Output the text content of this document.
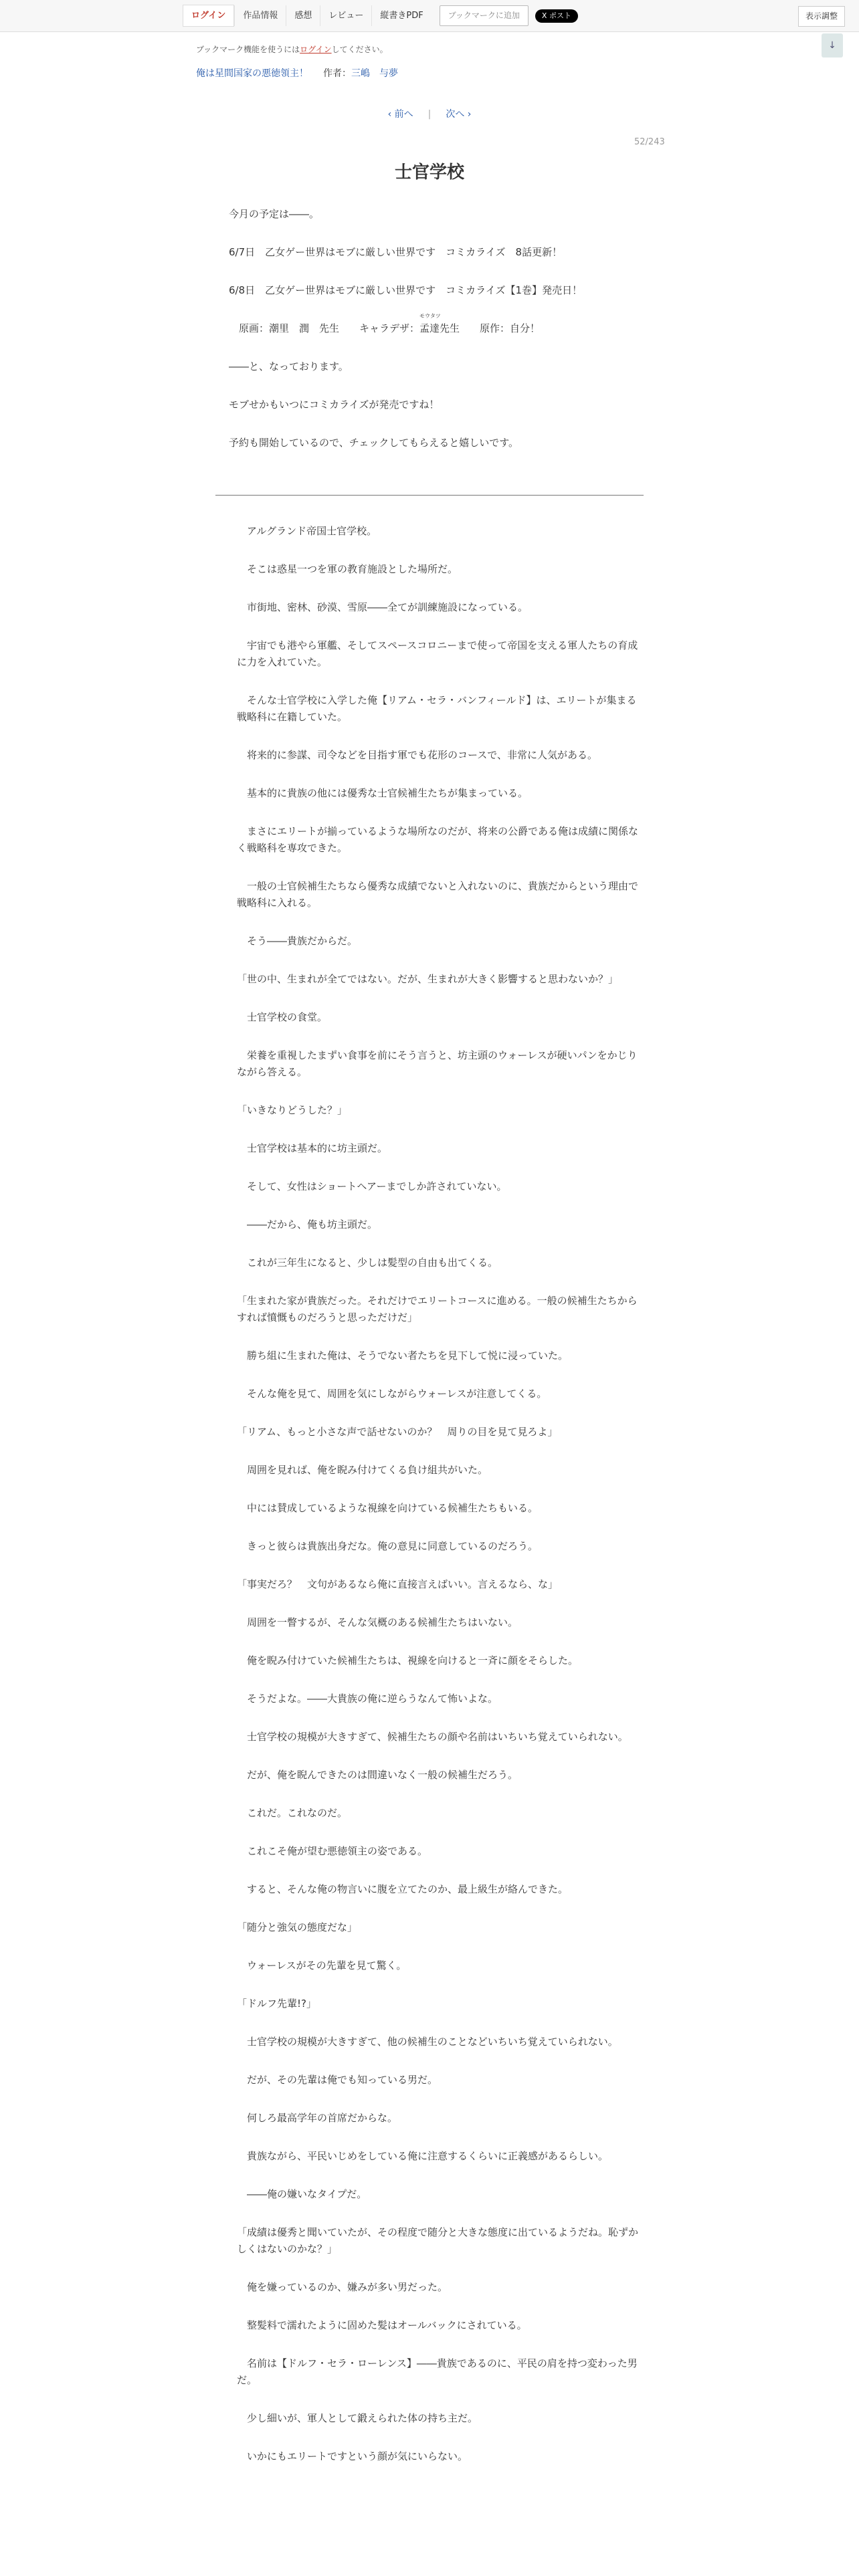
ログイン	作品情報	感想	レビュー	縦書きPDF	ブックマークに追加	X ポスト	表示調整
↓
ブックマーク機能を使うにはログインしてください。
俺は星間国家の悪徳領主！ 作者：三嶋　与夢
‹ 前へ | 次へ ›
52/243
士官学校

今月の予定は――。

6/7日　乙女ゲー世界はモブに厳しい世界です　コミカライズ　8話更新！

6/8日　乙女ゲー世界はモブに厳しい世界です　コミカライズ【1巻】発売日！

　原画：潮里　潤　先生　　キャラデザ：
モウタツ
孟達先生　　原作：自分！

――と、なっております。

モブせかもいつにコミカライズが発売ですね！

予約も開始しているので、チェックしてもらえると嬉しいです。

　アルグランド帝国士官学校。

　そこは惑星一つを軍の教育施設とした場所だ。

　市街地、密林、砂漠、雪原――全てが訓練施設になっている。

　宇宙でも港やら軍艦、そしてスペースコロニーまで使って帝国を支える軍人たちの育成に力を入れていた。

　そんな士官学校に入学した俺【リアム・セラ・バンフィールド】は、エリートが集まる戦略科に在籍していた。

　将来的に参謀、司令などを目指す軍でも花形のコースで、非常に人気がある。

　基本的に貴族の他には優秀な士官候補生たちが集まっている。

　まさにエリートが揃っているような場所なのだが、将来の公爵である俺は成績に関係なく戦略科を専攻できた。

　一般の士官候補生たちなら優秀な成績でないと入れないのに、貴族だからという理由で戦略科に入れる。

　そう――貴族だからだ。

「世の中、生まれが全てではない。だが、生まれが大きく影響すると思わないか？」

　士官学校の食堂。

　栄養を重視したまずい食事を前にそう言うと、坊主頭のウォーレスが硬いパンをかじりながら答える。

「いきなりどうした？」

　士官学校は基本的に坊主頭だ。

　そして、女性はショートヘアーまでしか許されていない。

　――だから、俺も坊主頭だ。

　これが三年生になると、少しは髪型の自由も出てくる。

「生まれた家が貴族だった。それだけでエリートコースに進める。一般の候補生たちからすれば憤慨ものだろうと思っただけだ」

　勝ち組に生まれた俺は、そうでない者たちを見下して悦に浸っていた。

　そんな俺を見て、周囲を気にしながらウォーレスが注意してくる。

「リアム、もっと小さな声で話せないのか？　周りの目を見て見ろよ」

　周囲を見れば、俺を睨み付けてくる負け組共がいた。

　中には賛成しているような視線を向けている候補生たちもいる。

　きっと彼らは貴族出身だな。俺の意見に同意しているのだろう。

「事実だろ？　文句があるなら俺に直接言えばいい。言えるなら、な」

　周囲を一瞥するが、そんな気概のある候補生たちはいない。

　俺を睨み付けていた候補生たちは、視線を向けると一斉に顔をそらした。

　そうだよな。――大貴族の俺に逆らうなんて怖いよな。

　士官学校の規模が大きすぎて、候補生たちの顔や名前はいちいち覚えていられない。

　だが、俺を睨んできたのは間違いなく一般の候補生だろう。

　これだ。これなのだ。

　これこそ俺が望む悪徳領主の姿である。

　すると、そんな俺の物言いに腹を立てたのか、最上級生が絡んできた。

「随分と強気の態度だな」

　ウォーレスがその先輩を見て驚く。

「ドルフ先輩!?」

　士官学校の規模が大きすぎて、他の候補生のことなどいちいち覚えていられない。

　だが、その先輩は俺でも知っている男だ。

　何しろ最高学年の首席だからな。

　貴族ながら、平民いじめをしている俺に注意するくらいに正義感があるらしい。

　――俺の嫌いなタイプだ。

「成績は優秀と聞いていたが、その程度で随分と大きな態度に出ているようだね。恥ずかしくはないのかな？」

　俺を嫌っているのか、嫌みが多い男だった。

　整髪料で濡れたように固めた髪はオールバックにされている。

　名前は【ドルフ・セラ・ローレンス】――貴族であるのに、平民の肩を持つ変わった男だ。

　少し細いが、軍人として鍛えられた体の持ち主だ。

　いかにもエリートですという顔が気にいらない。
